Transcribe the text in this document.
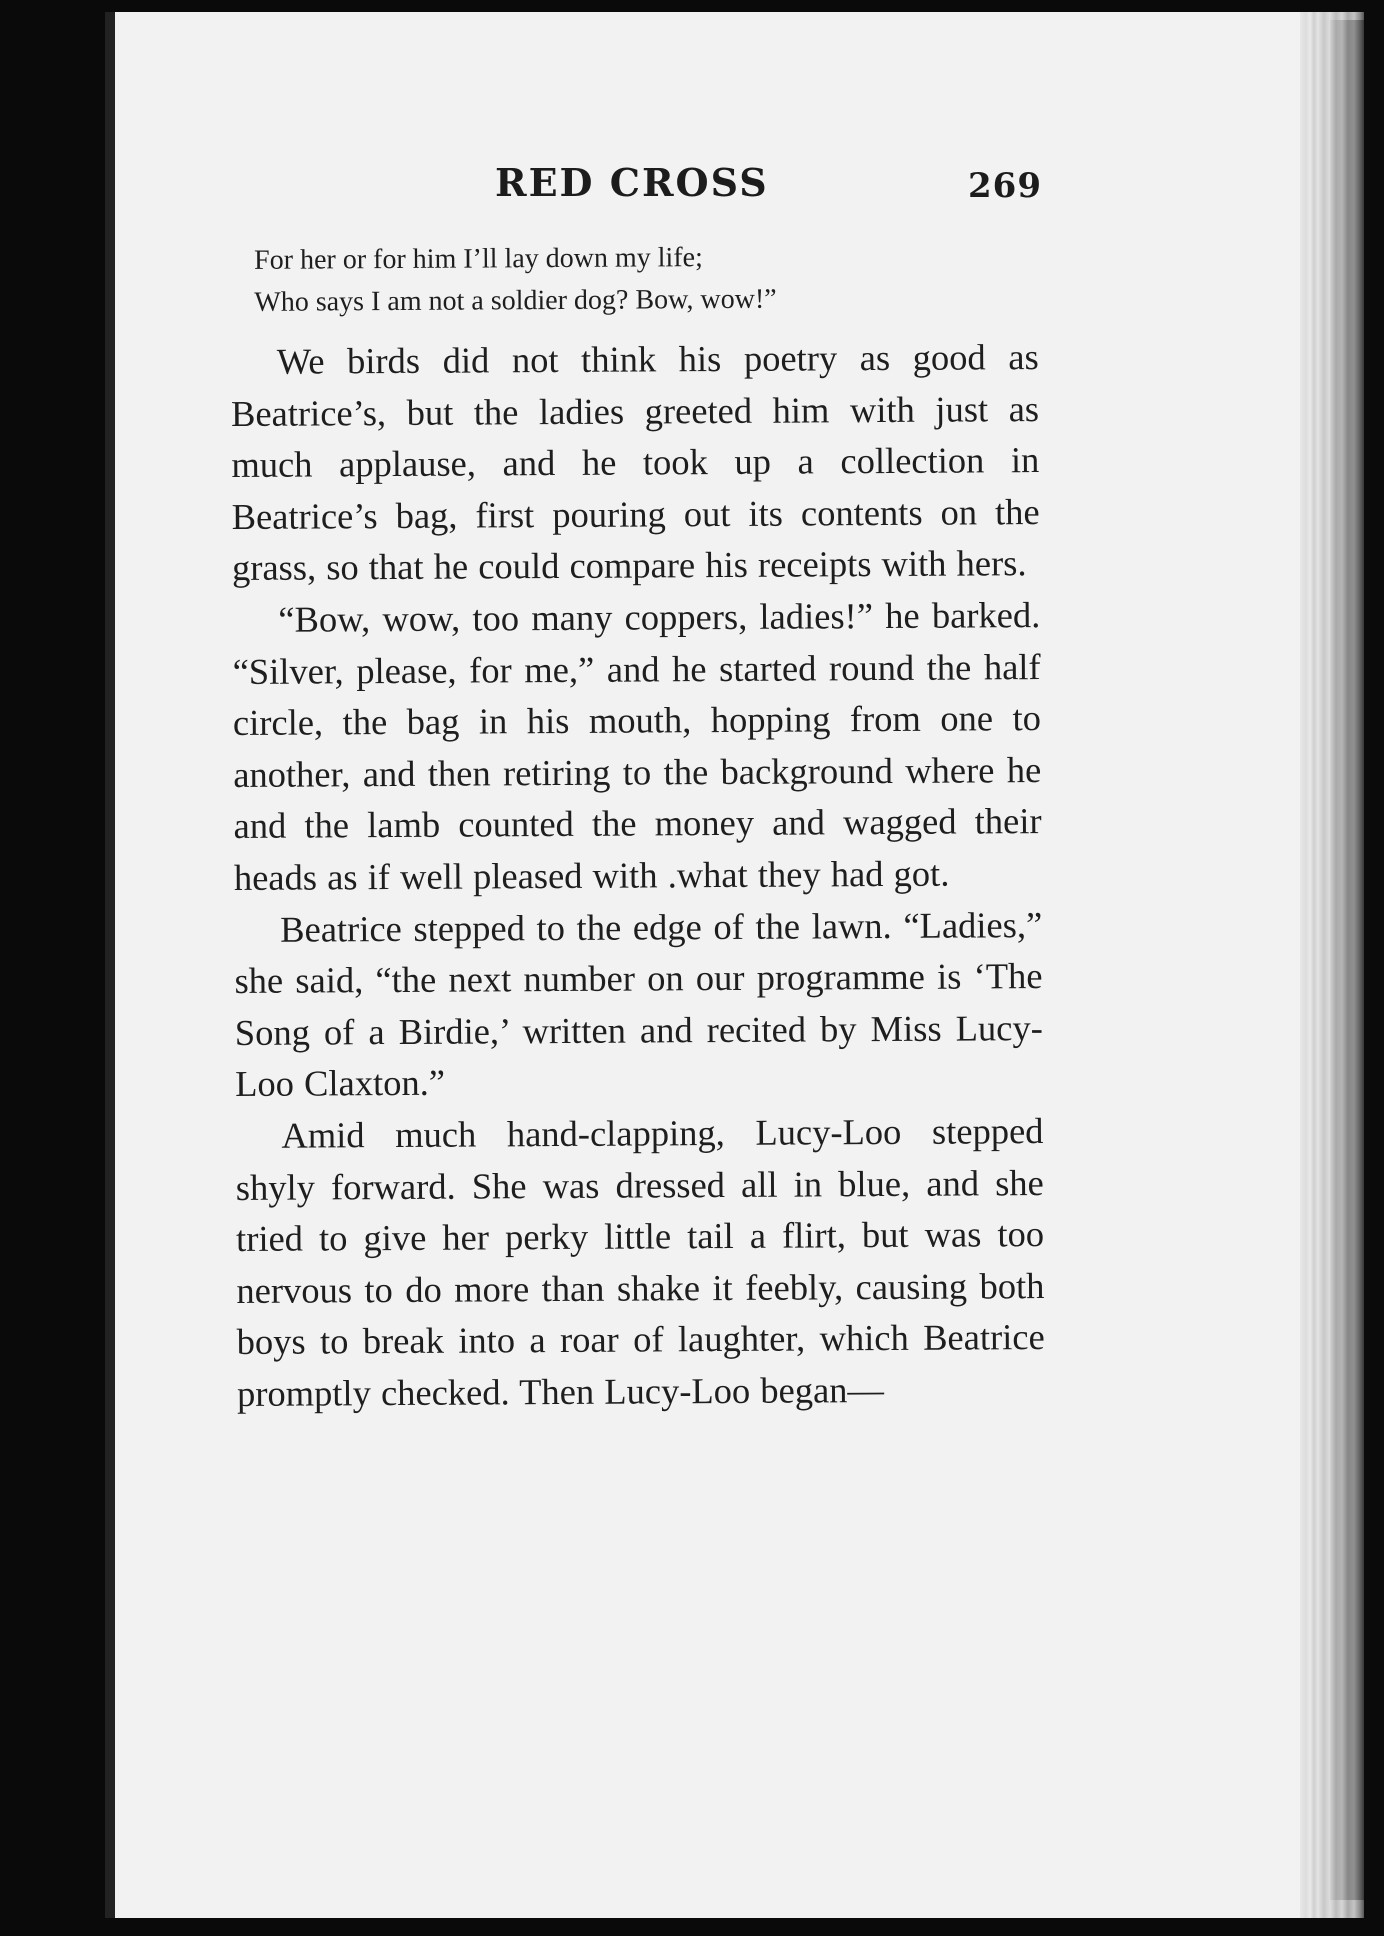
RED CROSS	269
For her or for him I’ll lay down my life;
Who says I am not a soldier dog? Bow, wow!”

We birds did not think his poetry as good as Beatrice’s, but the ladies greeted him with just as much applause, and he took up a collection in Beatrice’s bag, first pouring out its contents on the grass, so that he could compare his receipts with hers.

“Bow, wow, too many coppers, ladies!” he barked. “Silver, please, for me,” and he started round the half circle, the bag in his mouth, hopping from one to another, and then retiring to the background where he and the lamb counted the money and wagged their heads as if well pleased with .what they had got.

Beatrice stepped to the edge of the lawn. “Ladies,” she said, “the next number on our programme is ‘The Song of a Birdie,’ written and recited by Miss Lucy-Loo Claxton.”

Amid much hand-clapping, Lucy-Loo stepped shyly forward. She was dressed all in blue, and she tried to give her perky little tail a flirt, but was too nervous to do more than shake it feebly, causing both boys to break into a roar of laughter, which Beatrice promptly checked. Then Lucy-Loo began—
